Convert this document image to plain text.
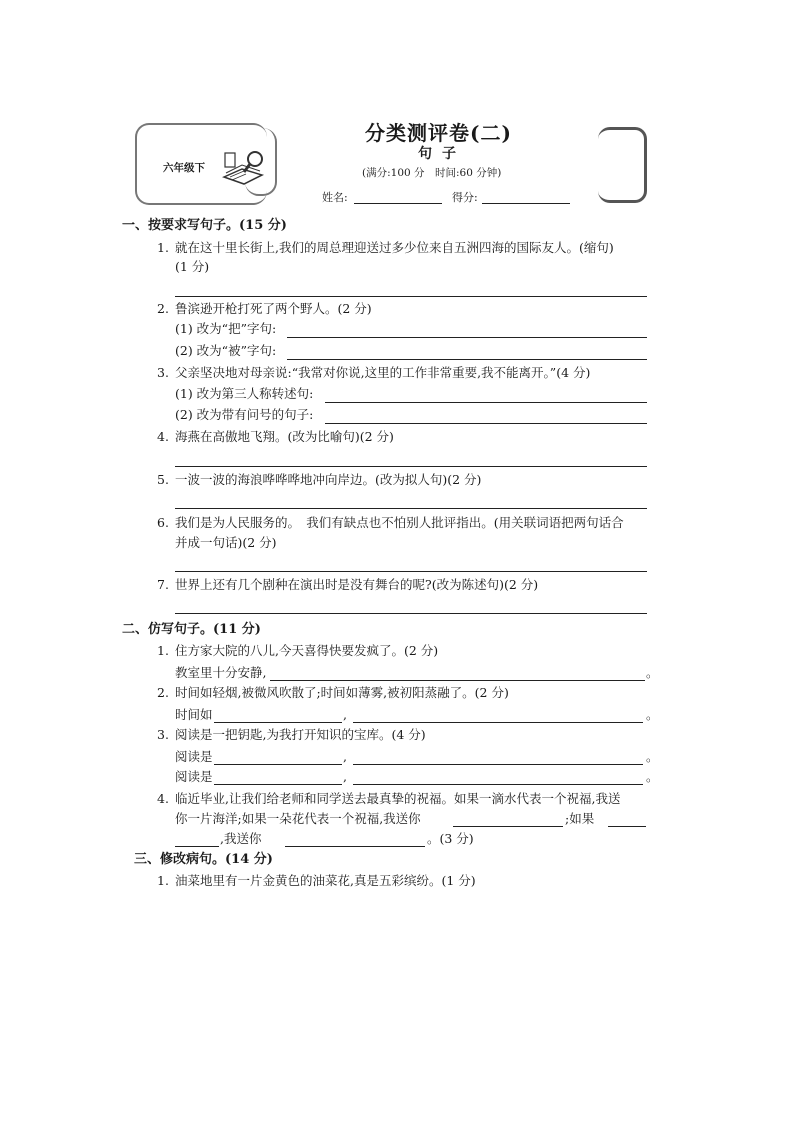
六年级下
分类测评卷(二)
句子
(满分:100 分　时间:60 分钟)
姓名:	得分:
一、按要求写句子。(15 分)
1. 就在这十里长街上,我们的周总理迎送过多少位来自五洲四海的国际友人。(缩句)
(1 分)
2. 鲁滨逊开枪打死了两个野人。(2 分)
(1) 改为“把”字句:
(2) 改为“被”字句:
3. 父亲坚决地对母亲说:“我常对你说,这里的工作非常重要,我不能离开。”(4 分)
(1) 改为第三人称转述句:
(2) 改为带有问号的句子:
4. 海燕在高傲地飞翔。(改为比喻句)(2 分)
5. 一波一波的海浪哗哗哗地冲向岸边。(改为拟人句)(2 分)
6. 我们是为人民服务的。　我们有缺点也不怕别人批评指出。(用关联词语把两句话合
并成一句话)(2 分)
7. 世界上还有几个剧种在演出时是没有舞台的呢?(改为陈述句)(2 分)
二、仿写句子。(11 分)
1. 住方家大院的八儿,今天喜得快要发疯了。(2 分)
教室里十分安静,	。
2. 时间如轻烟,被微风吹散了;时间如薄雾,被初阳蒸融了。(2 分)
时间如	,	。
3. 阅读是一把钥匙,为我打开知识的宝库。(4 分)
阅读是	,	。
阅读是	,	。
4. 临近毕业,让我们给老师和同学送去最真挚的祝福。如果一滴水代表一个祝福,我送
你一片海洋;如果一朵花代表一个祝福,我送你	;如果
,我送你	。(3 分)
三、修改病句。(14 分)
1. 油菜地里有一片金黄色的油菜花,真是五彩缤纷。(1 分)
